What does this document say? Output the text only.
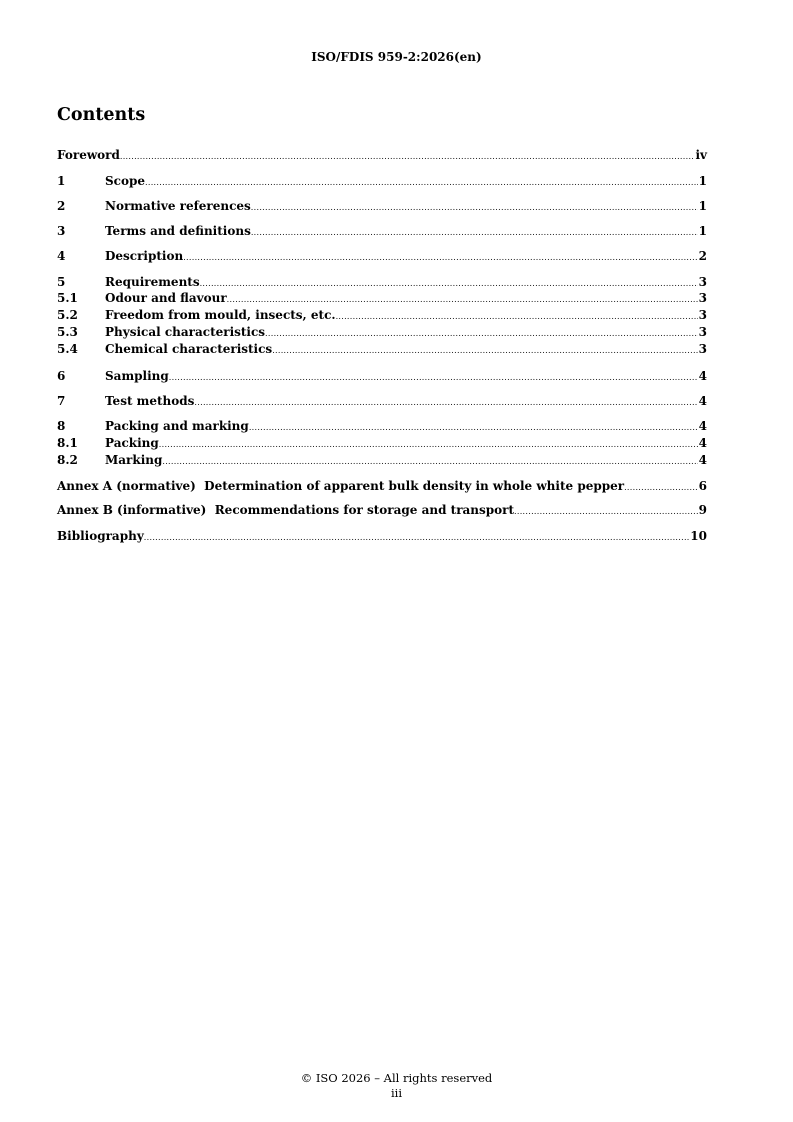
ISO/FDIS 959-2:2026(en)
Contents
Foreword .....	iv
1	Scope .....	1
2	Normative references .....	1
3	Terms and definitions .....	1
4	Description .....	2
5	Requirements .....	3
5.1	Odour and flavour .....	3
5.2	Freedom from mould, insects, etc. .....	3
5.3	Physical characteristics .....	3
5.4	Chemical characteristics .....	3
6	Sampling .....	4
7	Test methods .....	4
8	Packing and marking .....	4
8.1	Packing .....	4
8.2	Marking .....	4
Annex A (normative)  Determination of apparent bulk density in whole white pepper .....	6
Annex B (informative)  Recommendations for storage and transport .....	9
Bibliography .....	10
© ISO 2026 – All rights reserved
iii
